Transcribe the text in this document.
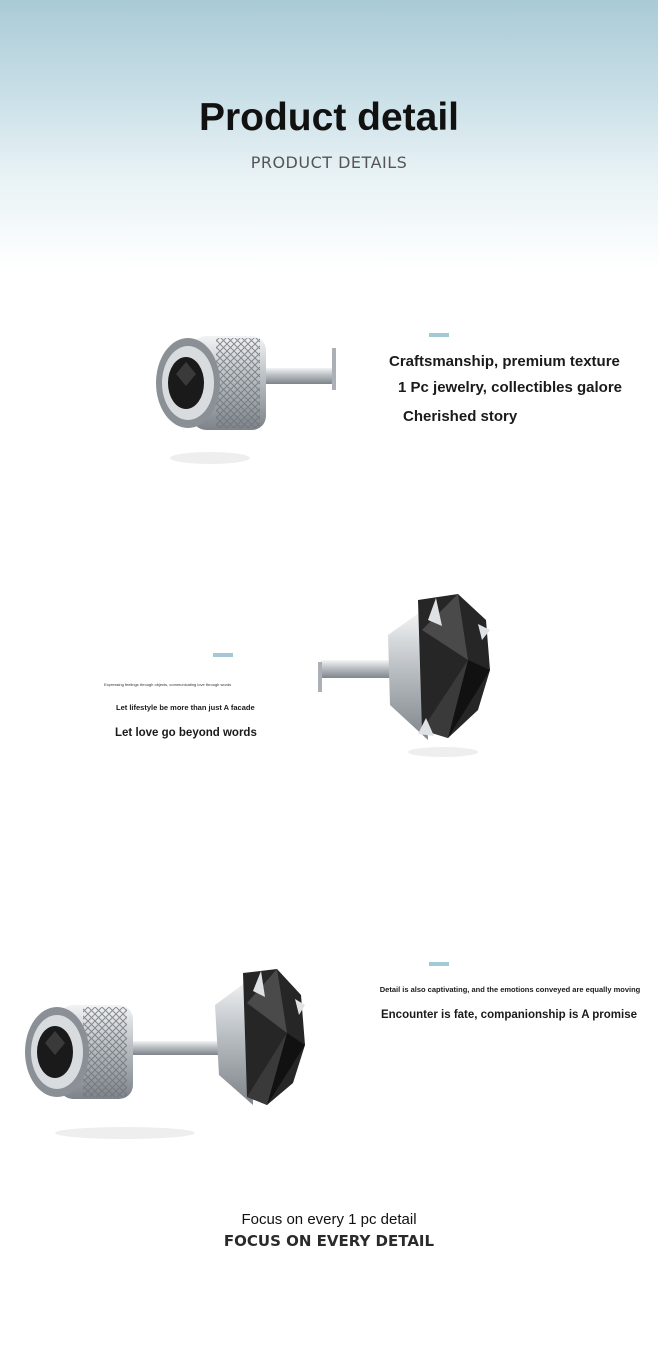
Product detail
PRODUCT DETAILS
Craftsmanship, premium texture
1 Pc jewelry, collectibles galore
Cherished story
Expressing feelings through objects, communicating love through words
Let lifestyle be more than just A facade
Let love go beyond words
Detail is also captivating, and the emotions conveyed are equally moving
Encounter is fate, companionship is A promise
Focus on every 1 pc detail
FOCUS ON EVERY DETAIL
